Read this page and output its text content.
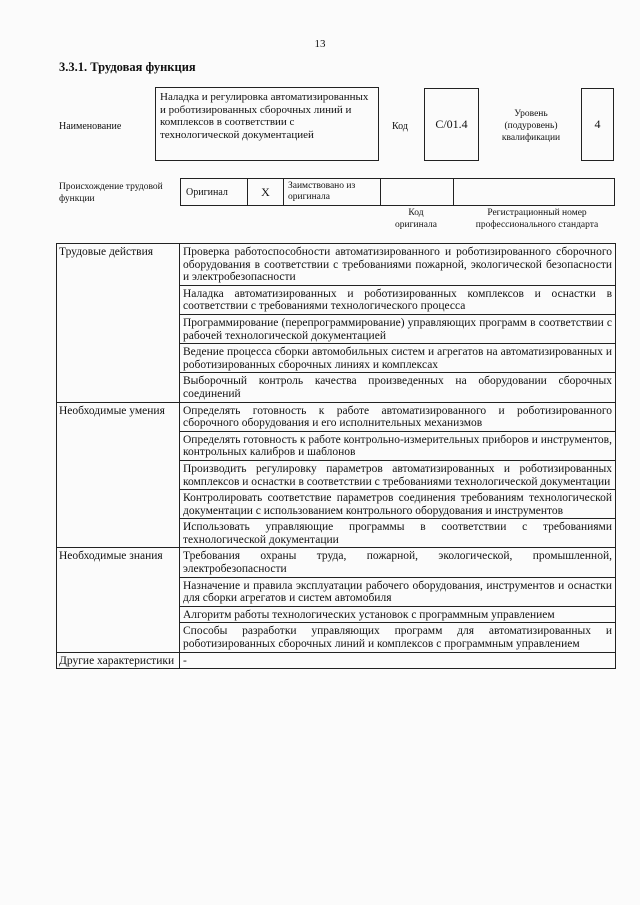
13
3.3.1. Трудовая функция
Наименование
Наладка и регулировка автоматизированных и роботизированных сборочных линий и комплексов в соответствии с технологической документацией
Код	C/01.4
Уровень (подуровень) квалификации
4
Происхождение трудовой функции
Оригинал	X	Заимствовано из оригинала
Код оригинала
Регистрационный номер профессионального стандарта
Трудовые действия	Проверка работоспособности автоматизированного и роботизированного сборочного оборудования в соответствии с требованиями пожарной, экологической безопасности и электробезопасности
	Наладка автоматизированных и роботизированных комплексов и оснастки в соответствии с требованиями технологического процесса
	Программирование (перепрограммирование) управляющих программ в соответствии с рабочей технологической документацией
	Ведение процесса сборки автомобильных систем и агрегатов на автоматизированных и роботизированных сборочных линиях и комплексах
	Выборочный контроль качества произведенных на оборудовании сборочных соединений
Необходимые умения	Определять готовность к работе автоматизированного и роботизированного сборочного оборудования и его исполнительных механизмов
	Определять готовность к работе контрольно-измерительных приборов и инструментов, контрольных калибров и шаблонов
	Производить регулировку параметров автоматизированных и роботизированных комплексов и оснастки в соответствии с требованиями технологической документации
	Контролировать соответствие параметров соединения требованиям технологической документации с использованием контрольного оборудования и инструментов
	Использовать управляющие программы в соответствии с требованиями технологической документации
Необходимые знания	Требования охраны труда, пожарной, экологической, промышленной, электробезопасности
	Назначение и правила эксплуатации рабочего оборудования, инструментов и оснастки для сборки агрегатов и систем автомобиля
	Алгоритм работы технологических установок с программным управлением
	Способы разработки управляющих программ для автоматизированных и роботизированных сборочных линий и комплексов с программным управлением
Другие характеристики	-
